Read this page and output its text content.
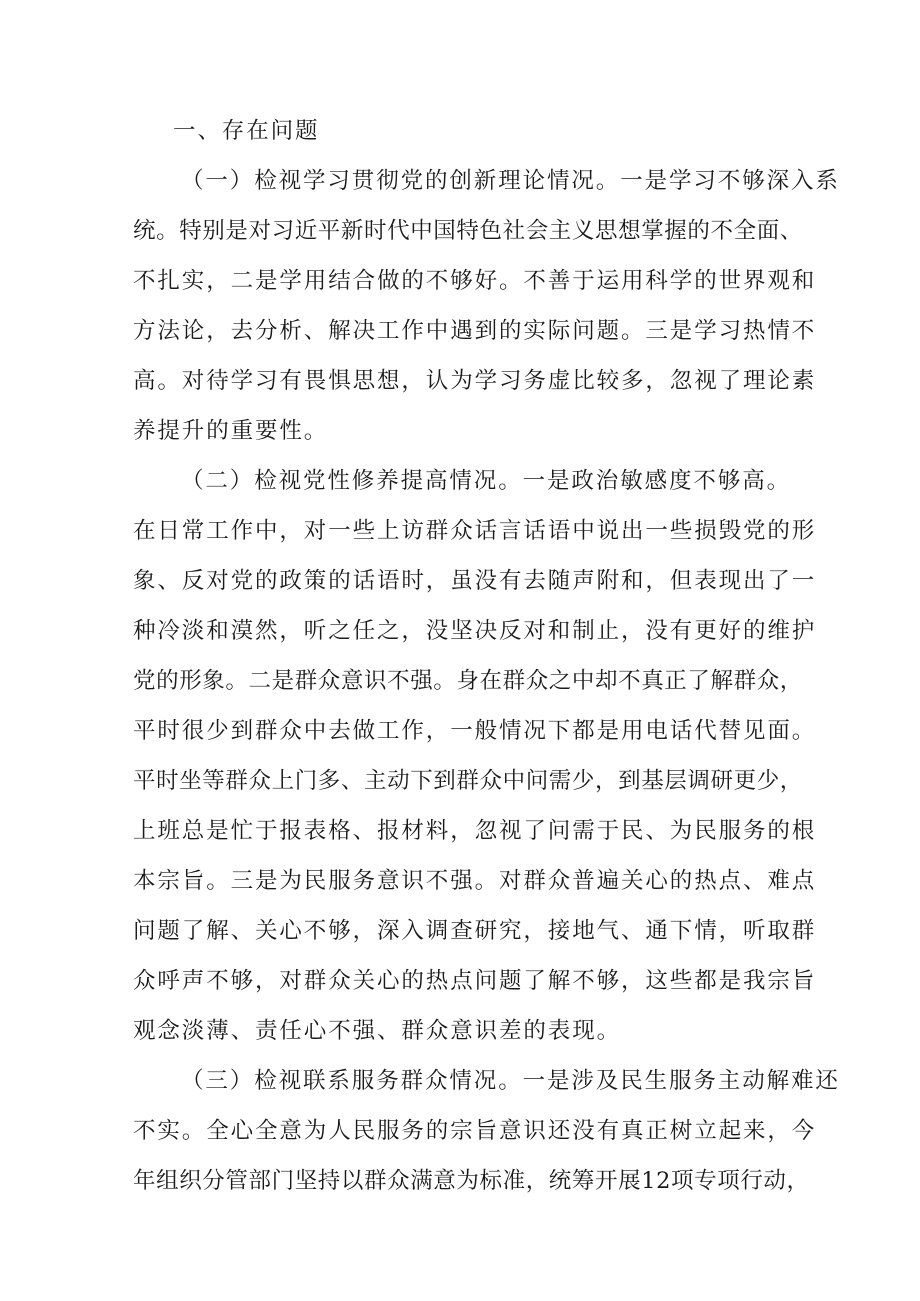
一、存在问题
（一）检视学习贯彻党的创新理论情况。一是学习不够深入系
统。特别是对习近平新时代中国特色社会主义思想掌握的不全面、
不扎实，二是学用结合做的不够好。不善于运用科学的世界观和
方法论，去分析、解决工作中遇到的实际问题。三是学习热情不
高。对待学习有畏惧思想，认为学习务虚比较多，忽视了理论素
养提升的重要性。
（二）检视党性修养提高情况。一是政治敏感度不够高。
在日常工作中，对一些上访群众话言话语中说出一些损毁党的形
象、反对党的政策的话语时，虽没有去随声附和，但表现出了一
种冷淡和漠然，听之任之，没坚决反对和制止，没有更好的维护
党的形象。二是群众意识不强。身在群众之中却不真正了解群众，
平时很少到群众中去做工作，一般情况下都是用电话代替见面。
平时坐等群众上门多、主动下到群众中问需少，到基层调研更少，
上班总是忙于报表格、报材料，忽视了问需于民、为民服务的根
本宗旨。三是为民服务意识不强。对群众普遍关心的热点、难点
问题了解、关心不够，深入调查研究，接地气、通下情，听取群
众呼声不够，对群众关心的热点问题了解不够，这些都是我宗旨
观念淡薄、责任心不强、群众意识差的表现。
（三）检视联系服务群众情况。一是涉及民生服务主动解难还
不实。全心全意为人民服务的宗旨意识还没有真正树立起来，今
年组织分管部门坚持以群众满意为标准，统筹开展12项专项行动，
